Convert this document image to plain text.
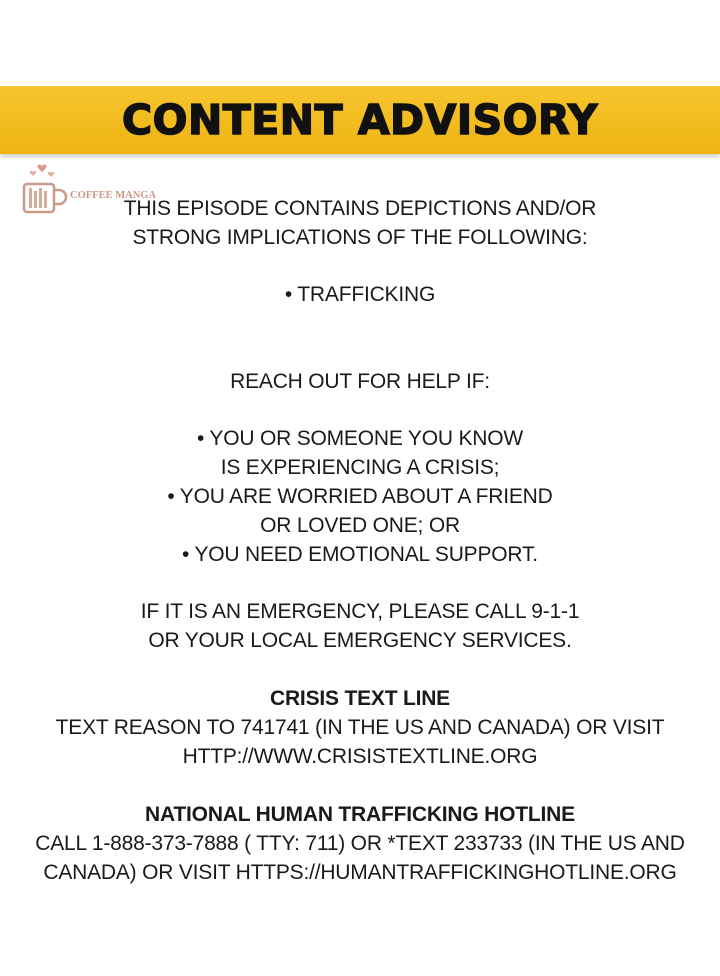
CONTENT ADVISORY
COFFEE MANGA
THIS EPISODE CONTAINS DEPICTIONS AND/OR
STRONG IMPLICATIONS OF THE FOLLOWING:
• TRAFFICKING
REACH OUT FOR HELP IF:
• YOU OR SOMEONE YOU KNOW
IS EXPERIENCING A CRISIS;
• YOU ARE WORRIED ABOUT A FRIEND
OR LOVED ONE; OR
• YOU NEED EMOTIONAL SUPPORT.
IF IT IS AN EMERGENCY, PLEASE CALL 9-1-1
OR YOUR LOCAL EMERGENCY SERVICES.
CRISIS TEXT LINE
TEXT REASON TO 741741 (IN THE US AND CANADA) OR VISIT
HTTP://WWW.CRISISTEXTLINE.ORG
NATIONAL HUMAN TRAFFICKING HOTLINE
CALL 1-888-373-7888 ( TTY: 711) OR *TEXT 233733 (IN THE US AND
CANADA) OR VISIT HTTPS://HUMANTRAFFICKINGHOTLINE.ORG
